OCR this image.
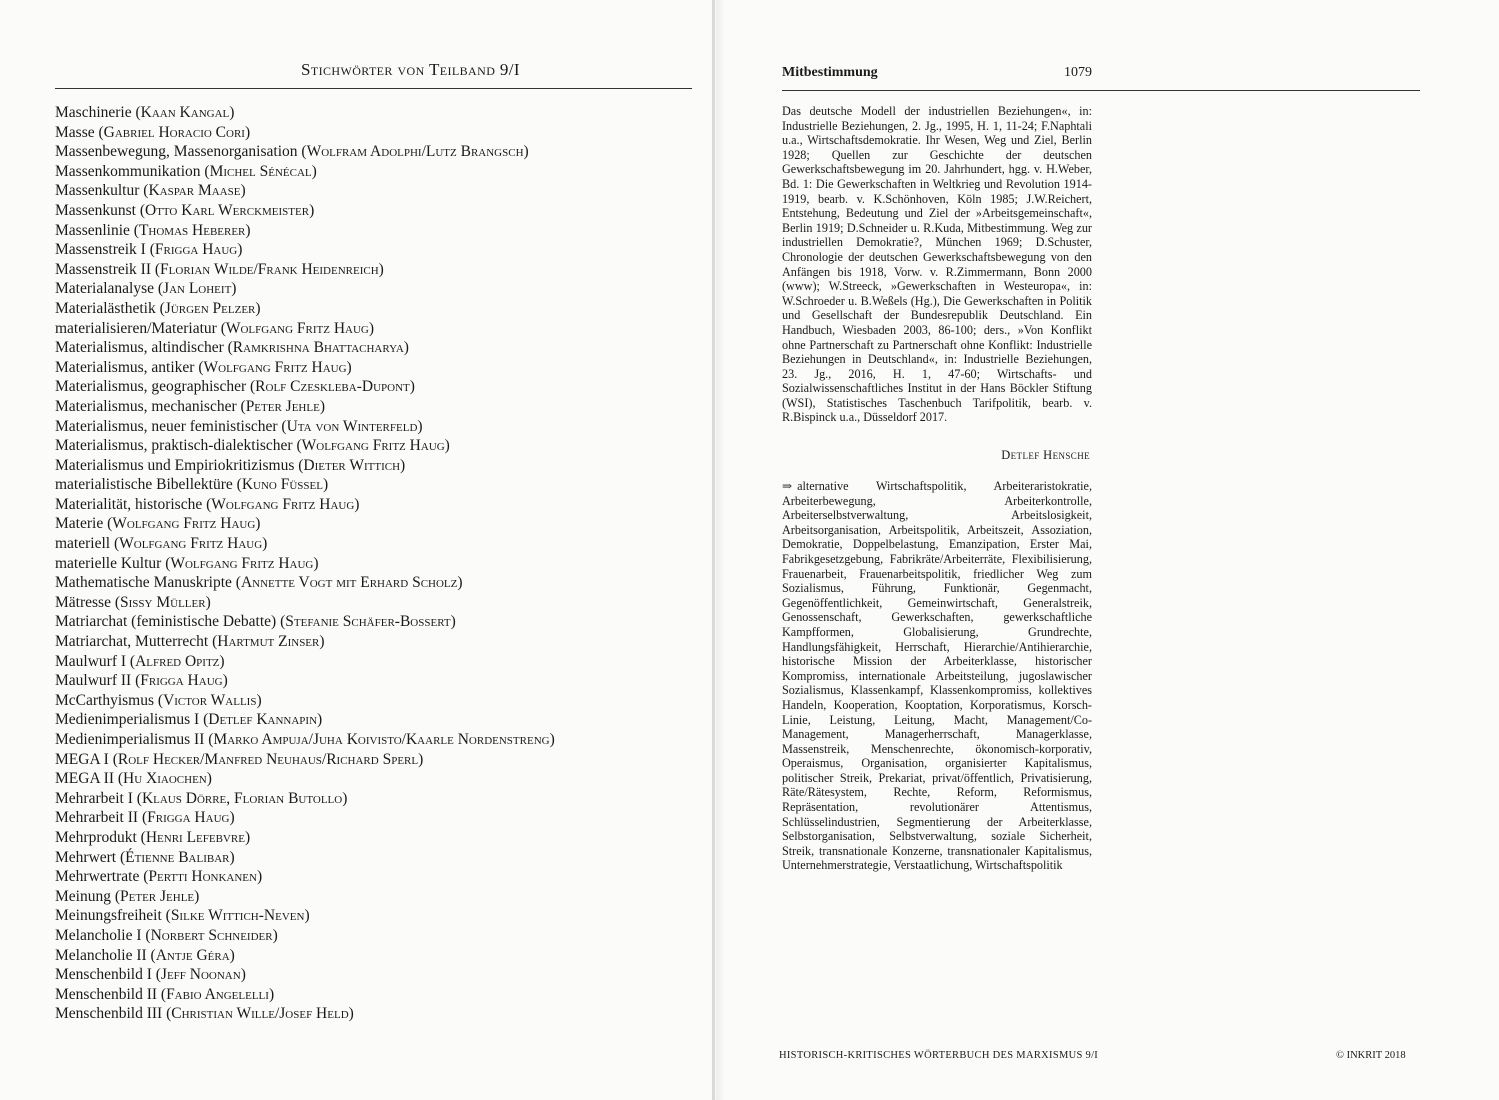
Stichwörter von Teilband 9/I
Maschinerie (Kaan Kangal)
Masse (Gabriel Horacio Cori)
Massenbewegung, Massenorganisation (Wolfram Adolphi/Lutz Brangsch)
Massenkommunikation (Michel Sénécal)
Massenkultur (Kaspar Maase)
Massenkunst (Otto Karl Werckmeister)
Massenlinie (Thomas Heberer)
Massenstreik I (Frigga Haug)
Massenstreik II (Florian Wilde/Frank Heidenreich)
Materialanalyse (Jan Loheit)
Materialästhetik (Jürgen Pelzer)
materialisieren/Materiatur (Wolfgang Fritz Haug)
Materialismus, altindischer (Ramkrishna Bhattacharya)
Materialismus, antiker (Wolfgang Fritz Haug)
Materialismus, geographischer (Rolf Czeskleba-Dupont)
Materialismus, mechanischer (Peter Jehle)
Materialismus, neuer feministischer (Uta von Winterfeld)
Materialismus, praktisch-dialektischer (Wolfgang Fritz Haug)
Materialismus und Empiriokritizismus (Dieter Wittich)
materialistische Bibellektüre (Kuno Füssel)
Materialität, historische (Wolfgang Fritz Haug)
Materie (Wolfgang Fritz Haug)
materiell (Wolfgang Fritz Haug)
materielle Kultur (Wolfgang Fritz Haug)
Mathematische Manuskripte (Annette Vogt mit Erhard Scholz)
Mätresse (Sissy Müller)
Matriarchat (feministische Debatte) (Stefanie Schäfer-Bossert)
Matriarchat, Mutterrecht (Hartmut Zinser)
Maulwurf I (Alfred Opitz)
Maulwurf II (Frigga Haug)
McCarthyismus (Victor Wallis)
Medienimperialismus I (Detlef Kannapin)
Medienimperialismus II (Marko Ampuja/Juha Koivisto/Kaarle Nordenstreng)
MEGA I (Rolf Hecker/Manfred Neuhaus/Richard Sperl)
MEGA II (Hu Xiaochen)
Mehrarbeit I (Klaus Dörre, Florian Butollo)
Mehrarbeit II (Frigga Haug)
Mehrprodukt (Henri Lefebvre)
Mehrwert (Étienne Balibar)
Mehrwertrate (Pertti Honkanen)
Meinung (Peter Jehle)
Meinungsfreiheit (Silke Wittich-Neven)
Melancholie I (Norbert Schneider)
Melancholie II (Antje Géra)
Menschenbild I (Jeff Noonan)
Menschenbild II (Fabio Angelelli)
Menschenbild III (Christian Wille/Josef Held)
Mitbestimmung	1079
Das deutsche Modell der industriellen Beziehungen«, in: Industrielle Beziehungen, 2. Jg., 1995, H. 1, 11-24; F.Naphtali u.a., Wirtschaftsdemokratie. Ihr Wesen, Weg und Ziel, Berlin 1928; Quellen zur Geschichte der deutschen Gewerkschaftsbewegung im 20. Jahrhundert, hgg. v. H.Weber, Bd. 1: Die Gewerkschaften in Weltkrieg und Revolution 1914-1919, bearb. v. K.Schönhoven, Köln 1985; J.W.Reichert, Entstehung, Bedeutung und Ziel der »Arbeitsgemeinschaft«, Berlin 1919; D.Schneider u. R.Kuda, Mitbestimmung. Weg zur industriellen Demokratie?, München 1969; D.Schuster, Chronologie der deutschen Gewerkschaftsbewegung von den Anfängen bis 1918, Vorw. v. R.Zimmermann, Bonn 2000 (www); W.Streeck, »Gewerkschaften in Westeuropa«, in: W.Schroeder u. B.Weßels (Hg.), Die Gewerkschaften in Politik und Gesellschaft der Bundesrepublik Deutschland. Ein Handbuch, Wiesbaden 2003, 86-100; ders., »Von Konflikt ohne Partnerschaft zu Partnerschaft ohne Konflikt: Industrielle Beziehungen in Deutschland«, in: Industrielle Beziehungen, 23. Jg., 2016, H. 1, 47-60; Wirtschafts- und Sozialwissenschaftliches Institut in der Hans Böckler Stiftung (WSI), Statistisches Taschenbuch Tarifpolitik, bearb. v. R.Bispinck u.a., Düsseldorf 2017.
Detlef Hensche
⇒ alternative Wirtschaftspolitik, Arbeiteraristokratie, Arbeiterbewegung, Arbeiterkontrolle, Arbeiterselbstverwaltung, Arbeitslosigkeit, Arbeitsorganisation, Arbeitspolitik, Arbeitszeit, Assoziation, Demokratie, Doppelbelastung, Emanzipation, Erster Mai, Fabrikgesetzgebung, Fabrikräte/Arbeiterräte, Flexibilisierung, Frauenarbeit, Frauenarbeitspolitik, friedlicher Weg zum Sozialismus, Führung, Funktionär, Gegenmacht, Gegenöffentlichkeit, Gemeinwirtschaft, Generalstreik, Genossenschaft, Gewerkschaften, gewerkschaftliche Kampfformen, Globalisierung, Grundrechte, Handlungsfähigkeit, Herrschaft, Hierarchie/Antihierarchie, historische Mission der Arbeiterklasse, historischer Kompromiss, internationale Arbeitsteilung, jugoslawischer Sozialismus, Klassenkampf, Klassenkompromiss, kollektives Handeln, Kooperation, Kooptation, Korporatismus, Korsch-Linie, Leistung, Leitung, Macht, Management/Co-Management, Managerherrschaft, Managerklasse, Massenstreik, Menschenrechte, ökonomisch-korporativ, Operaismus, Organisation, organisierter Kapitalismus, politischer Streik, Prekariat, privat/öffentlich, Privatisierung, Räte/Rätesystem, Rechte, Reform, Reformismus, Repräsentation, revolutionärer Attentismus, Schlüsselindustrien, Segmentierung der Arbeiterklasse, Selbstorganisation, Selbstverwaltung, soziale Sicherheit, Streik, transnationale Konzerne, transnationaler Kapitalismus, Unternehmerstrategie, Verstaatlichung, Wirtschaftspolitik
HISTORISCH-KRITISCHES WÖRTERBUCH DES MARXISMUS 9/I	© INKRIT 2018
